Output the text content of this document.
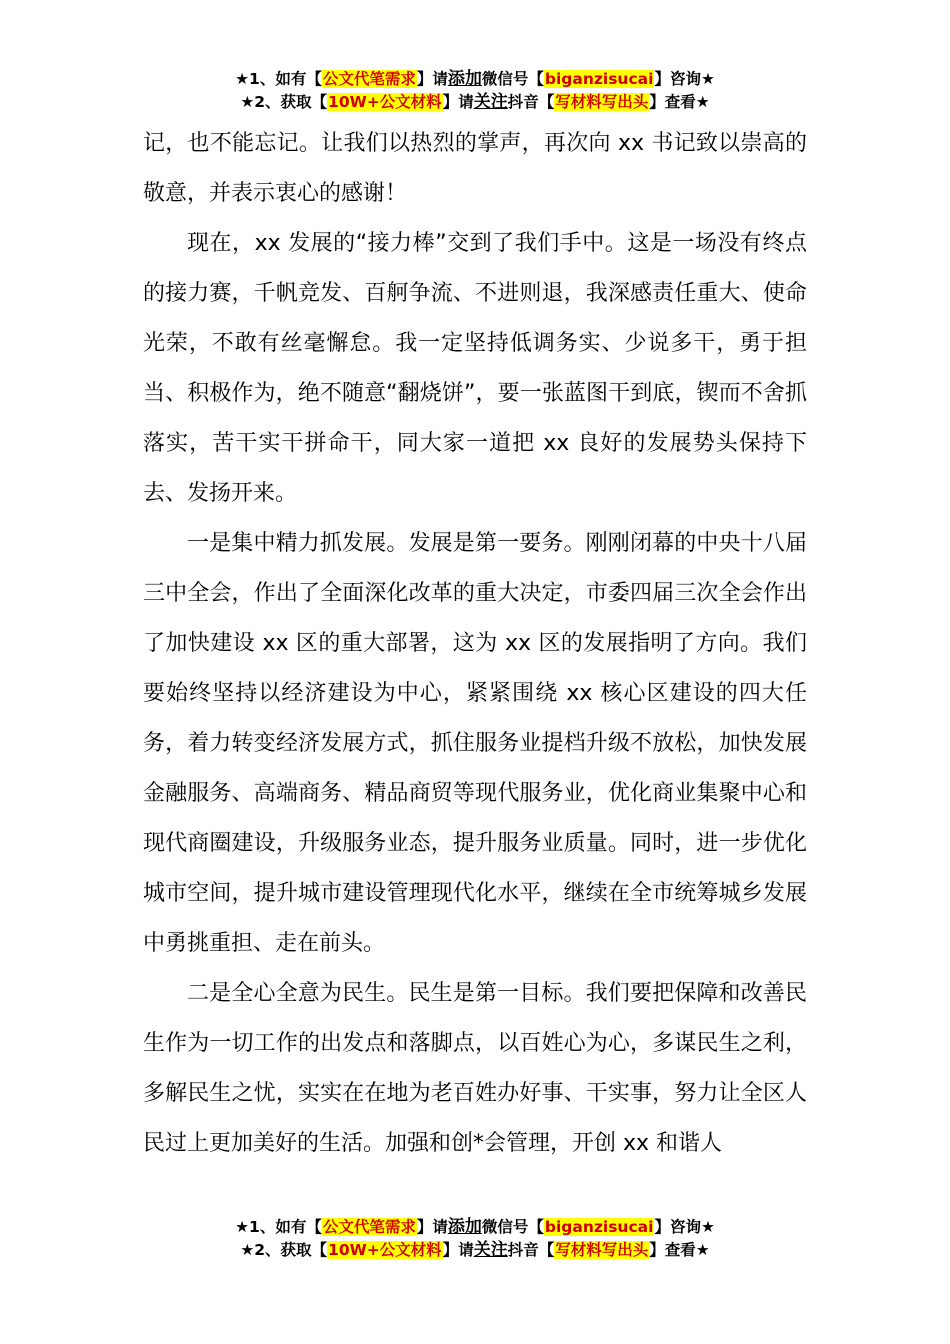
★1、如有【公文代笔需求】请添加微信号【biganzisucai】咨询★
★2、获取【10W+公文材料】请关注抖音【写材料写出头】查看★

记，也不能忘记。让我们以热烈的掌声，再次向 xx 书记致以崇高的敬意，并表示衷心的感谢！

现在，xx 发展的“接力棒”交到了我们手中。这是一场没有终点的接力赛，千帆竞发、百舸争流、不进则退，我深感责任重大、使命光荣，不敢有丝毫懈怠。我一定坚持低调务实、少说多干，勇于担当、积极作为，绝不随意“翻烧饼”，要一张蓝图干到底，锲而不舍抓落实，苦干实干拼命干，同大家一道把 xx 良好的发展势头保持下去、发扬开来。

一是集中精力抓发展。发展是第一要务。刚刚闭幕的中央十八届三中全会，作出了全面深化改革的重大决定，市委四届三次全会作出了加快建设 xx 区的重大部署，这为 xx 区的发展指明了方向。我们要始终坚持以经济建设为中心，紧紧围绕 xx 核心区建设的四大任务，着力转变经济发展方式，抓住服务业提档升级不放松，加快发展金融服务、高端商务、精品商贸等现代服务业，优化商业集聚中心和现代商圈建设，升级服务业态，提升服务业质量。同时，进一步优化城市空间，提升城市建设管理现代化水平，继续在全市统筹城乡发展中勇挑重担、走在前头。

二是全心全意为民生。民生是第一目标。我们要把保障和改善民生作为一切工作的出发点和落脚点，以百姓心为心，多谋民生之利，多解民生之忧，实实在在地为老百姓办好事、干实事，努力让全区人民过上更加美好的生活。加强和创*会管理，开创 xx 和谐人

★1、如有【公文代笔需求】请添加微信号【biganzisucai】咨询★
★2、获取【10W+公文材料】请关注抖音【写材料写出头】查看★
